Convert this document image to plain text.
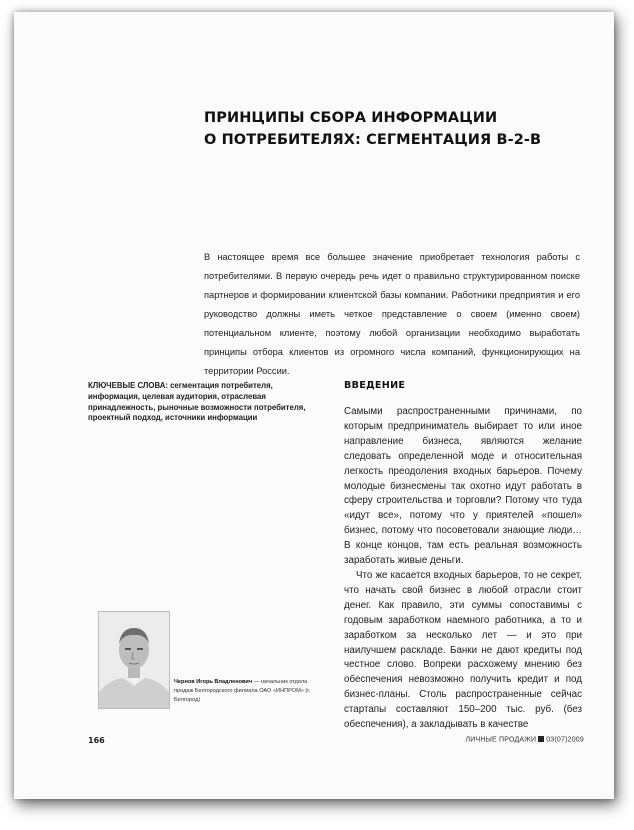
ПРИНЦИПЫ СБОРА ИНФОРМАЦИИ
О ПОТРЕБИТЕЛЯХ: СЕГМЕНТАЦИЯ B-2-B
В настоящее время все большее значение приобретает технология работы с потребителями. В первую очередь речь идет о правильно структурированном поиске партнеров и формировании клиентской базы компании. Работники предприятия и его руководство должны иметь четкое представление о своем (именно своем) потенциальном клиенте, поэтому любой организации необходимо выработать принципы отбора клиентов из огромного числа компаний, функционирующих на территории России.
КЛЮЧЕВЫЕ СЛОВА: сегментация потребителя, информация, целевая аудитория, отраслевая принадлежность, рыночные возможности потребителя, проектный подход, источники информации
ВВЕДЕНИЕ

Самыми распространенными причинами, по которым предприниматель выбирает то или иное направление бизнеса, являются желание следовать определенной моде и относительная легкость преодоления входных барьеров. Почему молодые бизнесмены так охотно идут работать в сферу строительства и торговли? Потому что туда «идут все», потому что у приятелей «пошел» бизнес, потому что посоветовали знающие люди… В конце концов, там есть реальная возможность заработать живые деньги.

Что же касается входных барьеров, то не секрет, что начать свой бизнес в любой отрасли стоит денег. Как правило, эти суммы сопоставимы с годовым заработком наемного работника, а то и заработком за несколько лет — и это при наилучшем раскладе. Банки не дают кредиты под честное слово. Вопреки расхожему мнению без обеспечения невозможно получить кредит и под бизнес-планы. Столь распространенные сейчас стартапы составляют 150–200 тыс. руб. (без обеспечения), а закладывать в качестве

Чернов Игорь Владленович — начальник отдела продаж Белгородского филиала ОАО «ИНПРОМ» (г. Белгород)
166	ЛИЧНЫЕ ПРОДАЖИ 03(07)2009
